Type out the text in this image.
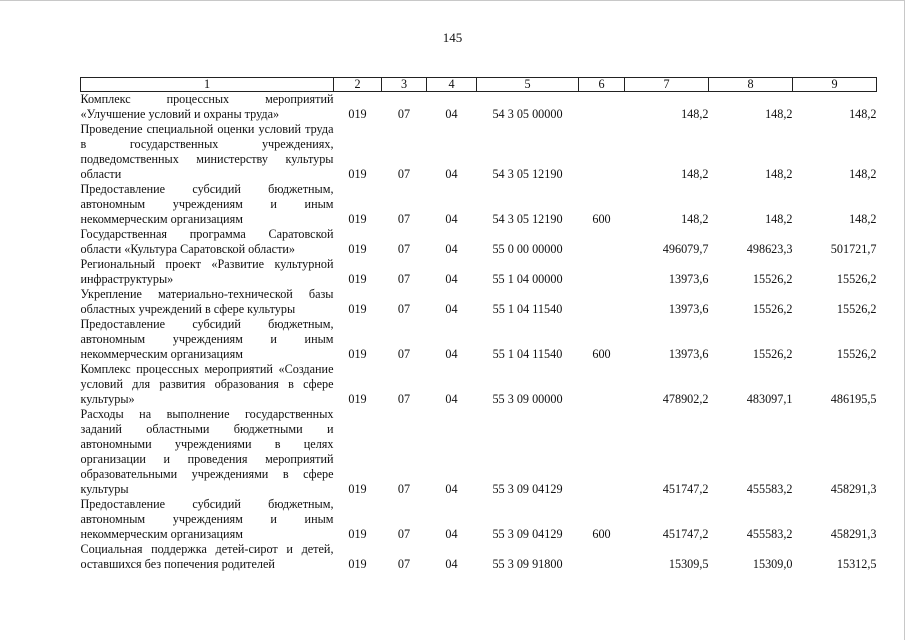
145
1	2	3	4	5	6	7	8	9
Комплекс процессных мероприятий «Улучшение условий и охраны труда»	019	07	04	54 3 05 00000		148,2	148,2	148,2
Проведение специальной оценки условий труда в государственных учреждениях, подведомственных министерству культуры области	019	07	04	54 3 05 12190		148,2	148,2	148,2
Предоставление субсидий бюджетным, автономным учреждениям и иным некоммерческим организациям	019	07	04	54 3 05 12190	600	148,2	148,2	148,2
Государственная программа Саратовской области «Культура Саратовской области»	019	07	04	55 0 00 00000		496079,7	498623,3	501721,7
Региональный проект «Развитие культурной инфраструктуры»	019	07	04	55 1 04 00000		13973,6	15526,2	15526,2
Укрепление материально-технической базы областных учреждений в сфере культуры	019	07	04	55 1 04 11540		13973,6	15526,2	15526,2
Предоставление субсидий бюджетным, автономным учреждениям и иным некоммерческим организациям	019	07	04	55 1 04 11540	600	13973,6	15526,2	15526,2
Комплекс процессных мероприятий «Создание условий для развития образования в сфере культуры»	019	07	04	55 3 09 00000		478902,2	483097,1	486195,5
Расходы на выполнение государственных заданий областными бюджетными и автономными учреждениями в целях организации и проведения мероприятий образовательными учреждениями в сфере культуры	019	07	04	55 3 09 04129		451747,2	455583,2	458291,3
Предоставление субсидий бюджетным, автономным учреждениям и иным некоммерческим организациям	019	07	04	55 3 09 04129	600	451747,2	455583,2	458291,3
Социальная поддержка детей-сирот и детей, оставшихся без попечения родителей	019	07	04	55 3 09 91800		15309,5	15309,0	15312,5
